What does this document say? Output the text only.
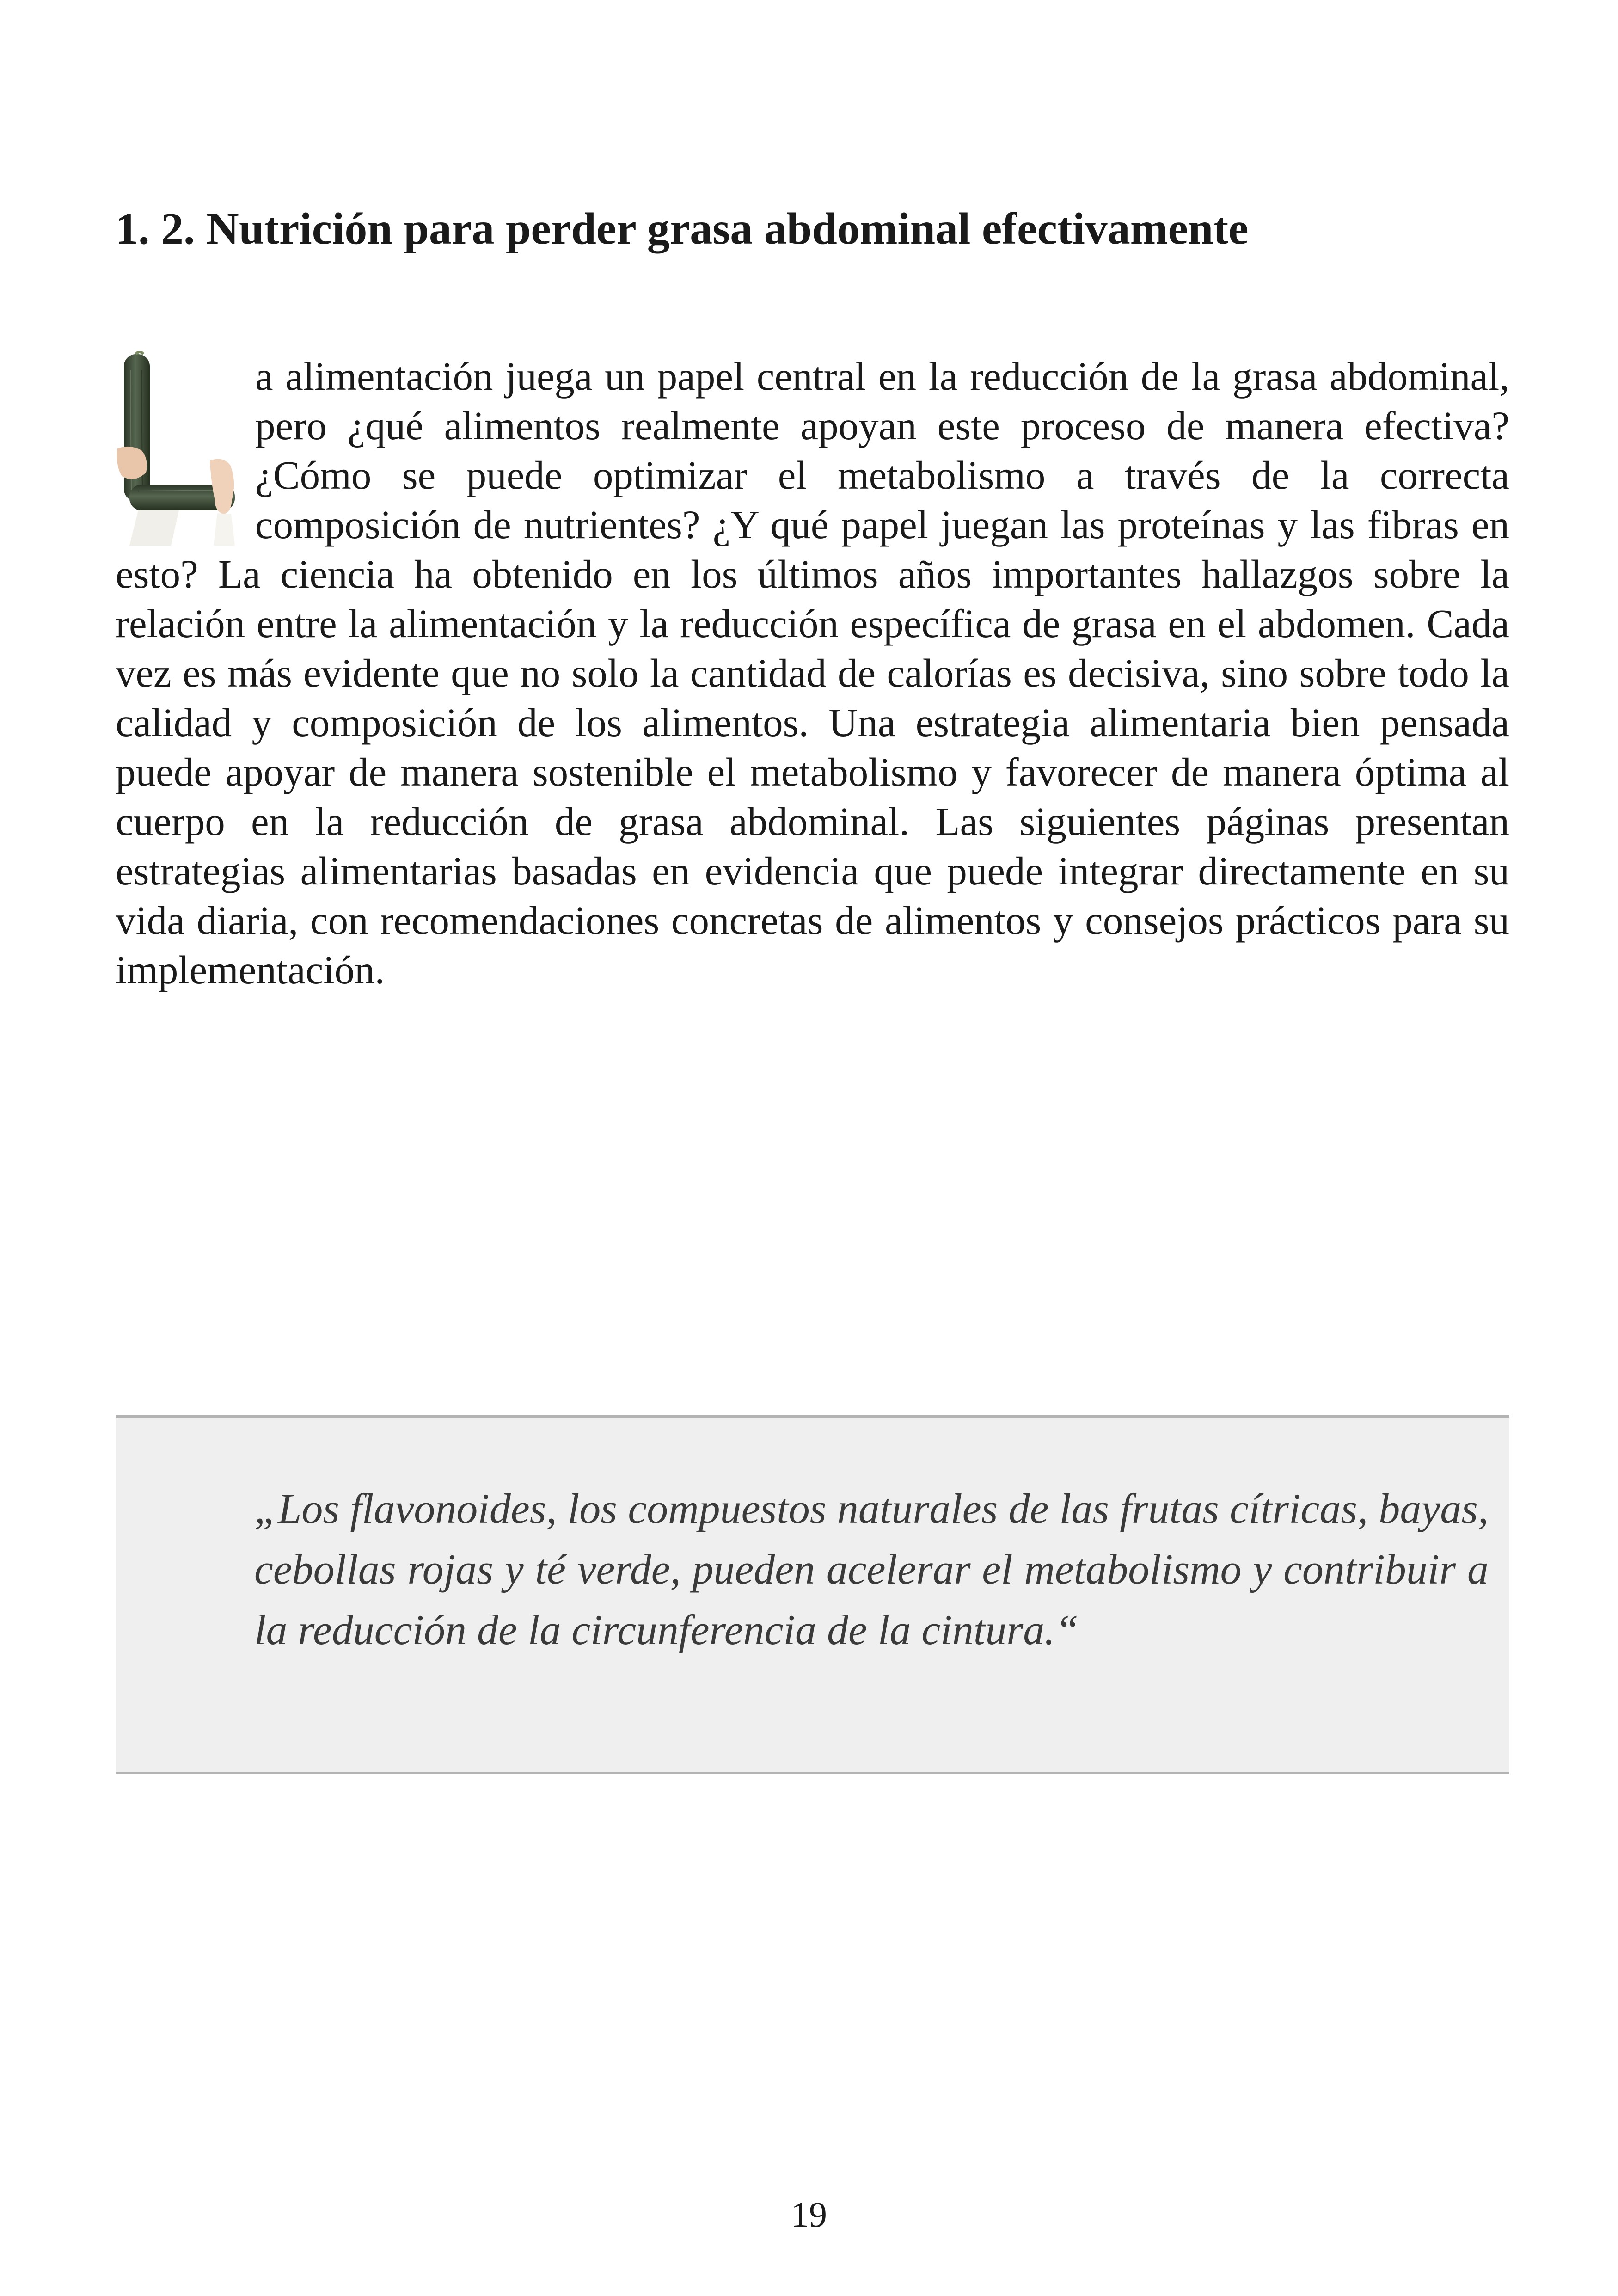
1. 2. Nutrición para perder grasa abdominal efectivamente
a alimentación juega un papel central en la reducción de la grasa abdominal, pero ¿qué alimentos realmente apoyan este proceso de manera efectiva? ¿Cómo se puede optimizar el metabolismo a través de la correcta composición de nutrientes? ¿Y qué papel juegan las proteínas y las fibras en esto? La ciencia ha obtenido en los últimos años importantes hallazgos sobre la relación entre la alimentación y la reducción específica de grasa en el abdomen. Cada vez es más evidente que no solo la cantidad de calorías es decisiva, sino sobre todo la calidad y composición de los alimentos. Una estrategia alimentaria bien pensada puede apoyar de manera sostenible el metabolismo y favorecer de manera óptima al cuerpo en la reducción de grasa abdominal. Las siguientes páginas presentan estrategias alimentarias basadas en evidencia que puede integrar directamente en su vida diaria, con recomendaciones concretas de alimentos y consejos prácticos para su implementación.

„Los flavonoides, los compuestos naturales de las frutas cítricas, bayas, cebollas rojas y té verde, pueden acelerar el metabolismo y contribuir a la reducción de la circunferencia de la cintura.“

19
